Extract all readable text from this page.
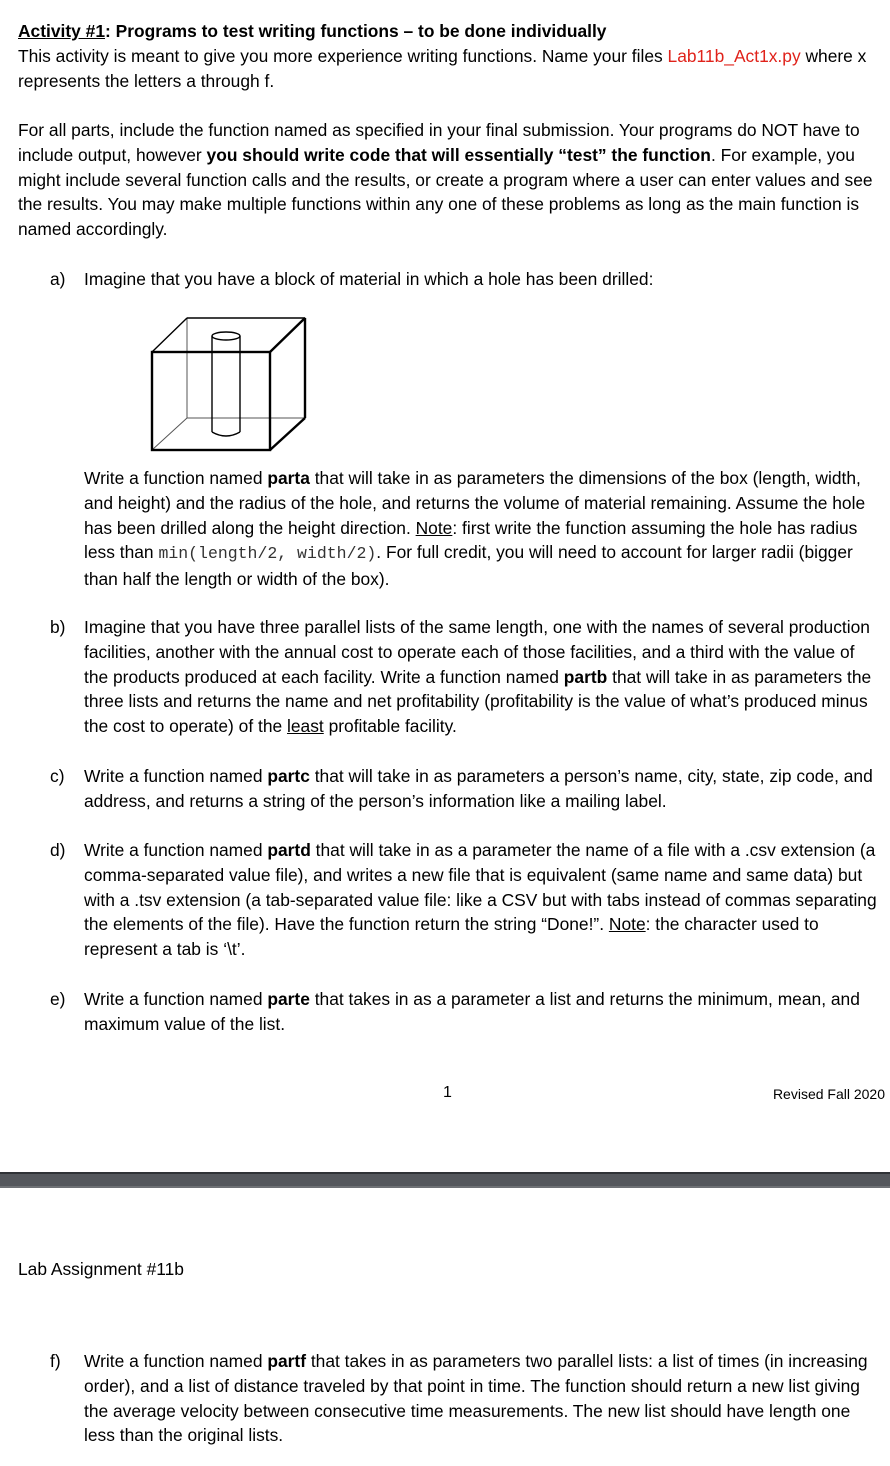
Activity #1: Programs to test writing functions – to be done individually
This activity is meant to give you more experience writing functions. Name your files Lab11b_Act1x.py where x represents the letters a through f.
For all parts, include the function named as specified in your final submission. Your programs do NOT have to include output, however you should write code that will essentially “test” the function. For example, you might include several function calls and the results, or create a program where a user can enter values and see the results. You may make multiple functions within any one of these problems as long as the main function is named accordingly.
a)	Imagine that you have a block of material in which a hole has been drilled:
Write a function named parta that will take in as parameters the dimensions of the box (length, width, and height) and the radius of the hole, and returns the volume of material remaining. Assume the hole has been drilled along the height direction. Note: first write the function assuming the hole has radius less than min(length/2, width/2). For full credit, you will need to account for larger radii (bigger than half the length or width of the box).
b)	Imagine that you have three parallel lists of the same length, one with the names of several production facilities, another with the annual cost to operate each of those facilities, and a third with the value of the products produced at each facility. Write a function named partb that will take in as parameters the three lists and returns the name and net profitability (profitability is the value of what’s produced minus the cost to operate) of the least profitable facility.
c)	Write a function named partc that will take in as parameters a person’s name, city, state, zip code, and address, and returns a string of the person’s information like a mailing label.
d)	Write a function named partd that will take in as a parameter the name of a file with a .csv extension (a comma-separated value file), and writes a new file that is equivalent (same name and same data) but with a .tsv extension (a tab-separated value file: like a CSV but with tabs instead of commas separating the elements of the file). Have the function return the string “Done!”. Note: the character used to represent a tab is ‘\t’.
e)	Write a function named parte that takes in as a parameter a list and returns the minimum, mean, and maximum value of the list.
1	Revised Fall 2020
Lab Assignment #11b
f)	Write a function named partf that takes in as parameters two parallel lists: a list of times (in increasing order), and a list of distance traveled by that point in time. The function should return a new list giving the average velocity between consecutive time measurements. The new list should have length one less than the original lists.
